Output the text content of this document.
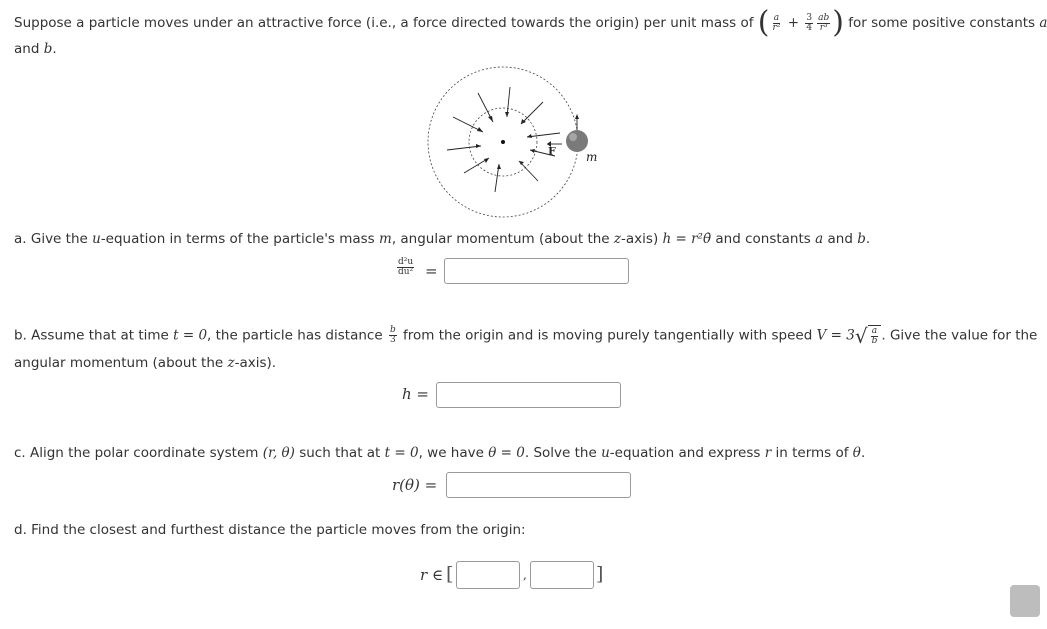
Suppose a particle moves under an attractive force (i.e., a force directed towards the origin) per unit mass of ( $\frac{a}{\text{r²}} + \frac{3}{4} \frac{ab}{\text{r³}}$ ) for some positive constants a
and b.
F	m
a. Give the u-equation in terms of the particle's mass m, angular momentum (about the z-axis) h = r²θ̇ and constants a and b.
$\frac{\text{d²u}}{\text{du²}}$ =
b. Assume that at time t = 0, the particle has distance $\frac{b}{3}$ from the origin and is moving purely tangentially with speed V = 3 √ $\frac{a}{b}$ . Give the value for the
angular momentum (about the z-axis).
h =
c. Align the polar coordinate system (r, θ) such that at t = 0, we have θ = 0. Solve the u-equation and express r in terms of θ.
r(θ) =
d. Find the closest and furthest distance the particle moves from the origin:
r ∈ [	,	]
